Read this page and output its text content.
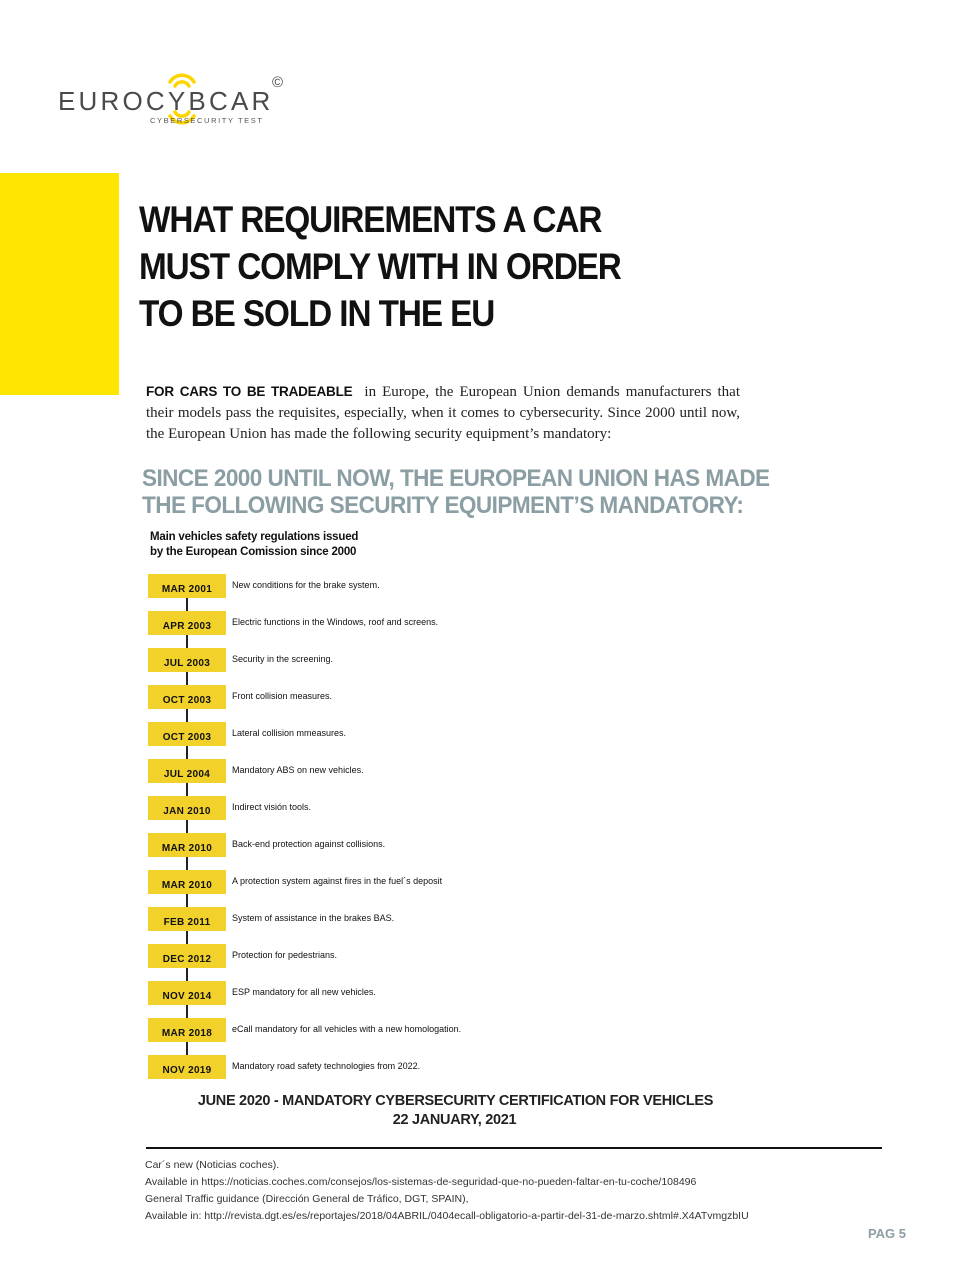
EUROCYBCAR
©
CYBERSECURITY TEST
WHAT REQUIREMENTS A CAR
MUST COMPLY WITH IN ORDER
TO BE SOLD IN THE EU

FOR CARS TO BE TRADEABLE in Europe, the European Union demands manufacturers that their models pass the requisites, especially, when it comes to cybersecurity. Since 2000 until now, the European Union has made the following security equipment’s mandatory:

SINCE 2000 UNTIL NOW, THE EUROPEAN UNION HAS MADE
THE FOLLOWING SECURITY EQUIPMENT’S MANDATORY:
Main vehicles safety regulations issued
by the European Comission since 2000
MAR 2001	New conditions for the brake system.
APR 2003	Electric functions in the Windows, roof and screens.
JUL 2003	Security in the screening.
OCT 2003	Front collision measures.
OCT 2003	Lateral collision mmeasures.
JUL 2004	Mandatory ABS on new vehicles.
JAN 2010	Indirect visión tools.
MAR 2010	Back-end protection against collisions.
MAR 2010	A protection system against fires in the fuel´s deposit
FEB 2011	System of assistance in the brakes BAS.
DEC 2012	Protection for pedestrians.
NOV 2014	ESP mandatory for all new vehicles.
MAR 2018	eCall mandatory for all vehicles with a new homologation.
NOV 2019	Mandatory road safety technologies from 2022.
JUNE 2020 - MANDATORY CYBERSECURITY CERTIFICATION FOR VEHICLES
22 JANUARY, 2021
Car´s new (Noticias coches).
Available in https://noticias.coches.com/consejos/los-sistemas-de-seguridad-que-no-pueden-faltar-en-tu-coche/108496
General Traffic guidance (Dirección General de Tráfico, DGT, SPAIN),
Available in: http://revista.dgt.es/es/reportajes/2018/04ABRIL/0404ecall-obligatorio-a-partir-del-31-de-marzo.shtml#.X4ATvmgzbIU
PAG 5
